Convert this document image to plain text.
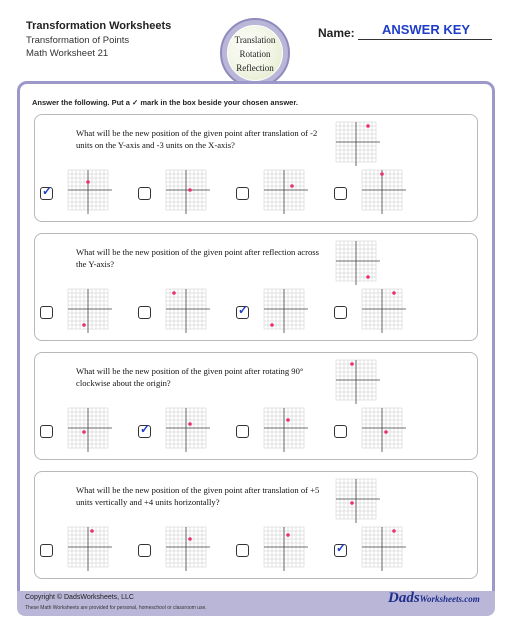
Transformation Worksheets
Transformation of Points
Math Worksheet 21
Translation
Rotation
Reflection
Name:	ANSWER KEY
Answer the following. Put a ✓ mark in the box beside your chosen answer.
What will be the new position of the given point after translation of -2 units on the Y-axis and -3 units on the X-axis?
✓
What will be the new position of the given point after reflection across the Y-axis?
✓
What will be the new position of the given point after rotating 90° clockwise about the origin?
✓
What will be the new position of the given point after translation of +5 units vertically and +4 units horizontally?
✓
Copyright © DadsWorksheets, LLC
These Math Worksheets are provided for personal, homeschool or classroom use.
DadsWorksheets.com
